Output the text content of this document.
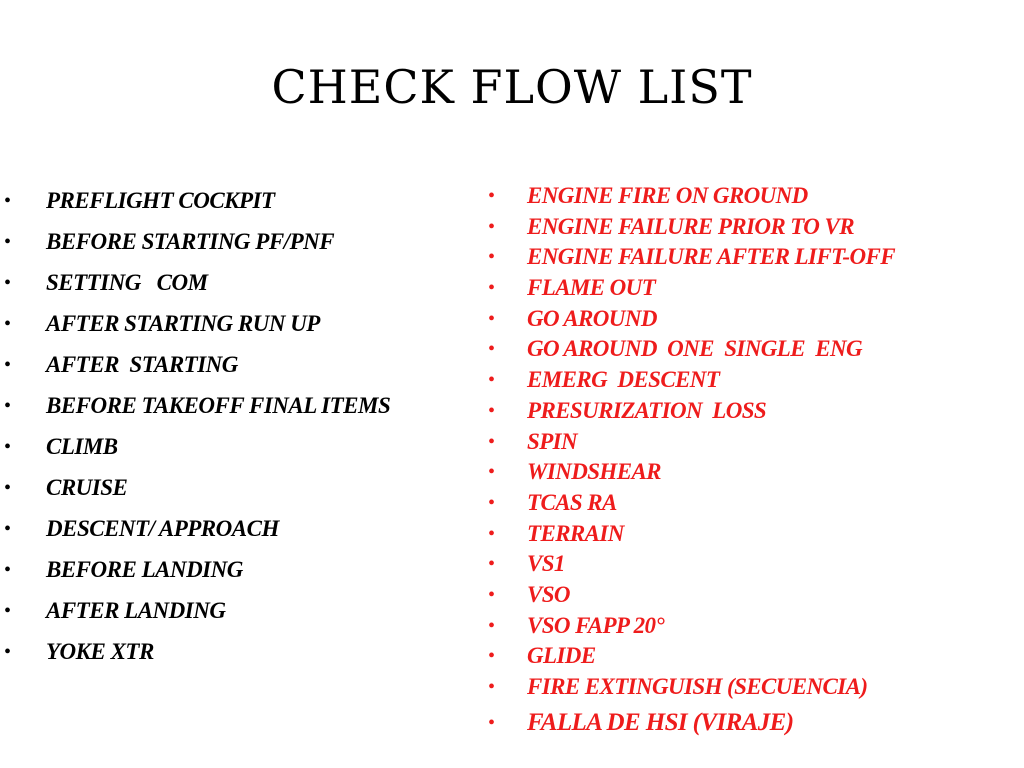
CHECK FLOW LIST
• PREFLIGHT COCKPIT
• BEFORE STARTING PF/PNF
• SETTING   COM
• AFTER STARTING RUN UP
• AFTER  STARTING
• BEFORE TAKEOFF FINAL ITEMS
• CLIMB
• CRUISE
• DESCENT/ APPROACH
• BEFORE LANDING
• AFTER LANDING
• YOKE XTR
• ENGINE FIRE ON GROUND
• ENGINE FAILURE PRIOR TO VR
• ENGINE FAILURE AFTER LIFT-OFF
• FLAME OUT
• GO AROUND
• GO AROUND  ONE  SINGLE  ENG
• EMERG  DESCENT
• PRESURIZATION  LOSS
• SPIN
• WINDSHEAR
• TCAS RA
• TERRAIN
• VS1
• VSO
• VSO FAPP 20°
• GLIDE
• FIRE EXTINGUISH (SECUENCIA)
• FALLA DE HSI (VIRAJE)
